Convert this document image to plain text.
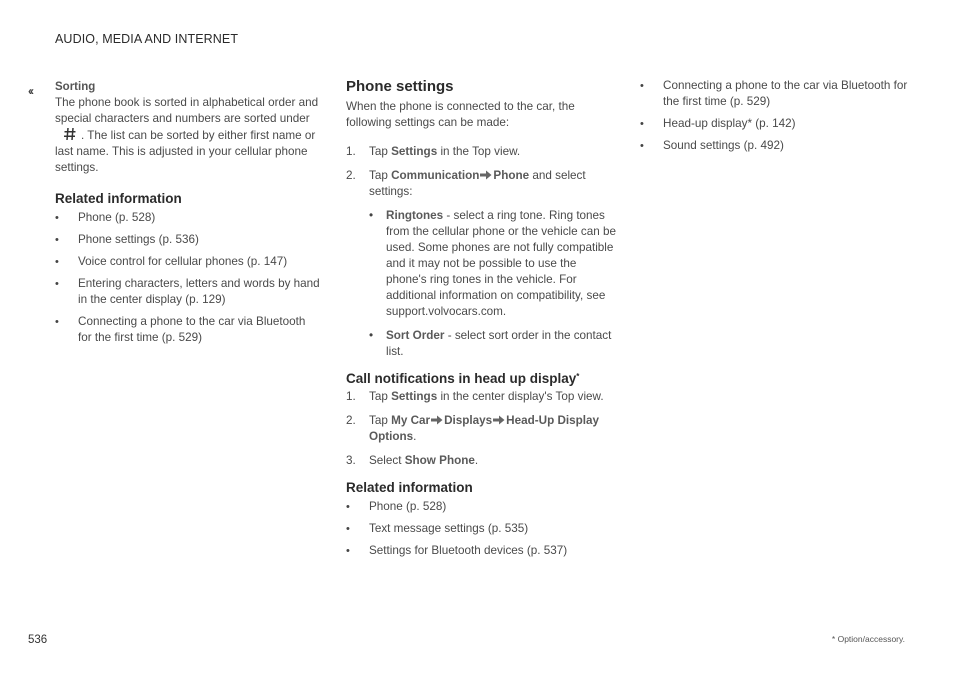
AUDIO, MEDIA AND INTERNET
‹‹ Sorting

The phone book is sorted in alphabetical order and special characters and numbers are sorted under. The list can be sorted by either first name or last name. This is adjusted in your cellular phone settings.

Related information
• Phone (p. 528)
• Phone settings (p. 536)
• Voice control for cellular phones (p. 147)
• Entering characters, letters and words by hand in the center display (p. 129)
• Connecting a phone to the car via Bluetooth for the first time (p. 529)
Phone settings

When the phone is connected to the car, the following settings can be made:

1. Tap Settings in the Top view.
2. Tap Communication Phone and select settings:
• Ringtones - select a ring tone. Ring tones from the cellular phone or the vehicle can be used. Some phones are not fully compatible and it may not be possible to use the phone's ring tones in the vehicle. For additional information on compatibility, see support.volvocars.com.
• Sort Order - select sort order in the contact list.
Call notifications in head up display*
1. Tap Settings in the center display's Top view.
2. Tap My Car Displays Head-Up Display Options.
3. Select Show Phone.
Related information
• Phone (p. 528)
• Text message settings (p. 535)
• Settings for Bluetooth devices (p. 537)
• Connecting a phone to the car via Bluetooth for the first time (p. 529)
• Head-up display* (p. 142)
• Sound settings (p. 492)
536	* Option/accessory.
